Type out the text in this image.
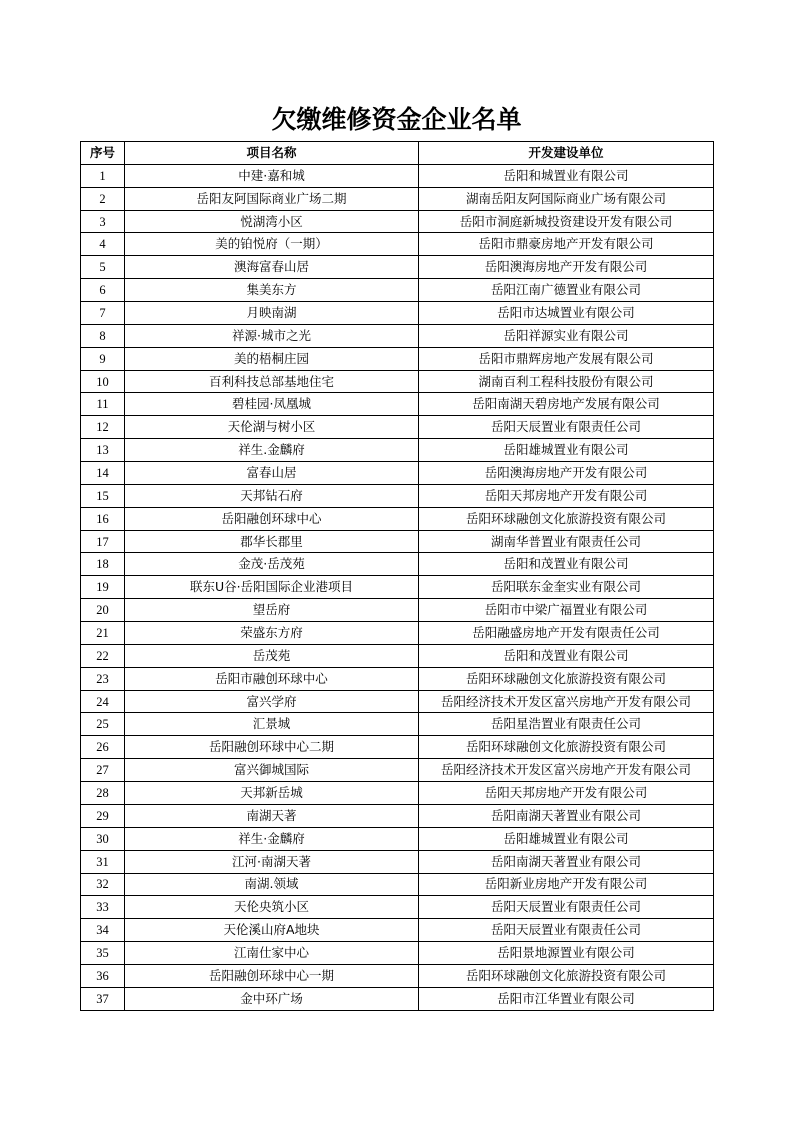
欠缴维修资金企业名单
序号	项目名称	开发建设单位
1	中建·嘉和城	岳阳和城置业有限公司
2	岳阳友阿国际商业广场二期	湖南岳阳友阿国际商业广场有限公司
3	悦湖湾小区	岳阳市洞庭新城投资建设开发有限公司
4	美的铂悦府（一期）	岳阳市鼎豪房地产开发有限公司
5	澳海富春山居	岳阳澳海房地产开发有限公司
6	集美东方	岳阳江南广德置业有限公司
7	月映南湖	岳阳市达城置业有限公司
8	祥源·城市之光	岳阳祥源实业有限公司
9	美的梧桐庄园	岳阳市鼎辉房地产发展有限公司
10	百利科技总部基地住宅	湖南百利工程科技股份有限公司
11	碧桂园·凤凰城	岳阳南湖天碧房地产发展有限公司
12	天伦湖与树小区	岳阳天辰置业有限责任公司
13	祥生.金麟府	岳阳雄城置业有限公司
14	富春山居	岳阳澳海房地产开发有限公司
15	天邦钻石府	岳阳天邦房地产开发有限公司
16	岳阳融创环球中心	岳阳环球融创文化旅游投资有限公司
17	郡华长郡里	湖南华普置业有限责任公司
18	金茂·岳茂苑	岳阳和茂置业有限公司
19	联东U谷·岳阳国际企业港项目	岳阳联东金奎实业有限公司
20	望岳府	岳阳市中梁广福置业有限公司
21	荣盛东方府	岳阳融盛房地产开发有限责任公司
22	岳茂苑	岳阳和茂置业有限公司
23	岳阳市融创环球中心	岳阳环球融创文化旅游投资有限公司
24	富兴学府	岳阳经济技术开发区富兴房地产开发有限公司
25	汇景城	岳阳星浩置业有限责任公司
26	岳阳融创环球中心二期	岳阳环球融创文化旅游投资有限公司
27	富兴御城国际	岳阳经济技术开发区富兴房地产开发有限公司
28	天邦新岳城	岳阳天邦房地产开发有限公司
29	南湖天著	岳阳南湖天著置业有限公司
30	祥生·金麟府	岳阳雄城置业有限公司
31	江河·南湖天著	岳阳南湖天著置业有限公司
32	南湖.领域	岳阳新业房地产开发有限公司
33	天伦央筑小区	岳阳天辰置业有限责任公司
34	天伦溪山府A地块	岳阳天辰置业有限责任公司
35	江南仕家中心	岳阳景地源置业有限公司
36	岳阳融创环球中心一期	岳阳环球融创文化旅游投资有限公司
37	金中环广场	岳阳市江华置业有限公司
